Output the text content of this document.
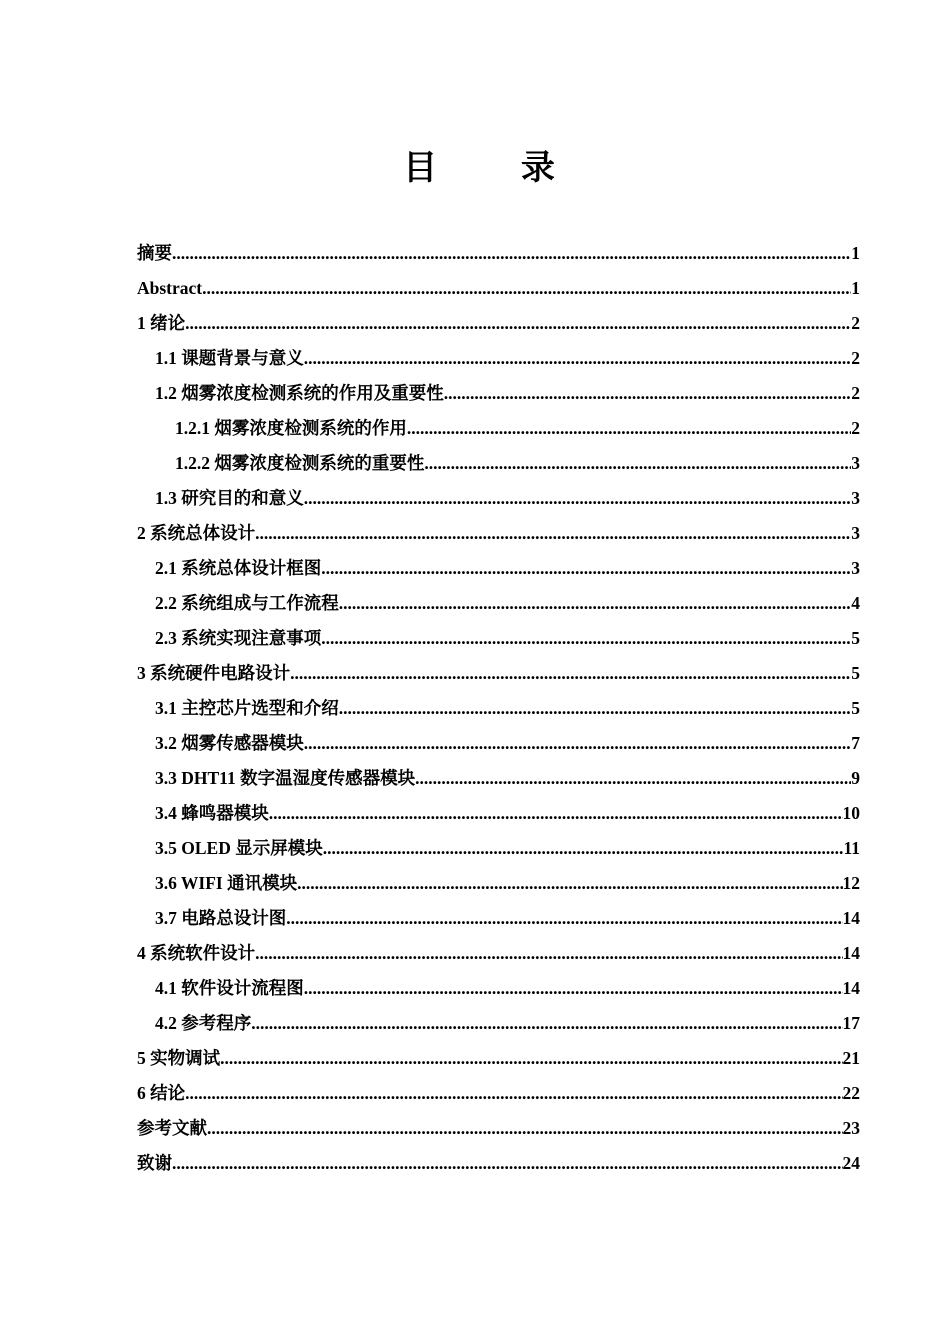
目 录
摘要 .....	1
Abstract .....	1
1 绪论 .....	2
1.1 课题背景与意义 .....	2
1.2 烟雾浓度检测系统的作用及重要性 .....	2
1.2.1 烟雾浓度检测系统的作用 .....	2
1.2.2 烟雾浓度检测系统的重要性 .....	3
1.3 研究目的和意义 .....	3
2 系统总体设计 .....	3
2.1 系统总体设计框图 .....	3
2.2 系统组成与工作流程 .....	4
2.3 系统实现注意事项 .....	5
3 系统硬件电路设计 .....	5
3.1 主控芯片选型和介绍 .....	5
3.2 烟雾传感器模块 .....	7
3.3 DHT11 数字温湿度传感器模块 .....	9
3.4 蜂鸣器模块 .....	10
3.5 OLED 显示屏模块 .....	11
3.6 WIFI 通讯模块 .....	12
3.7 电路总设计图 .....	14
4 系统软件设计 .....	14
4.1 软件设计流程图 .....	14
4.2 参考程序 .....	17
5 实物调试 .....	21
6 结论 .....	22
参考文献 .....	23
致谢 .....	24
